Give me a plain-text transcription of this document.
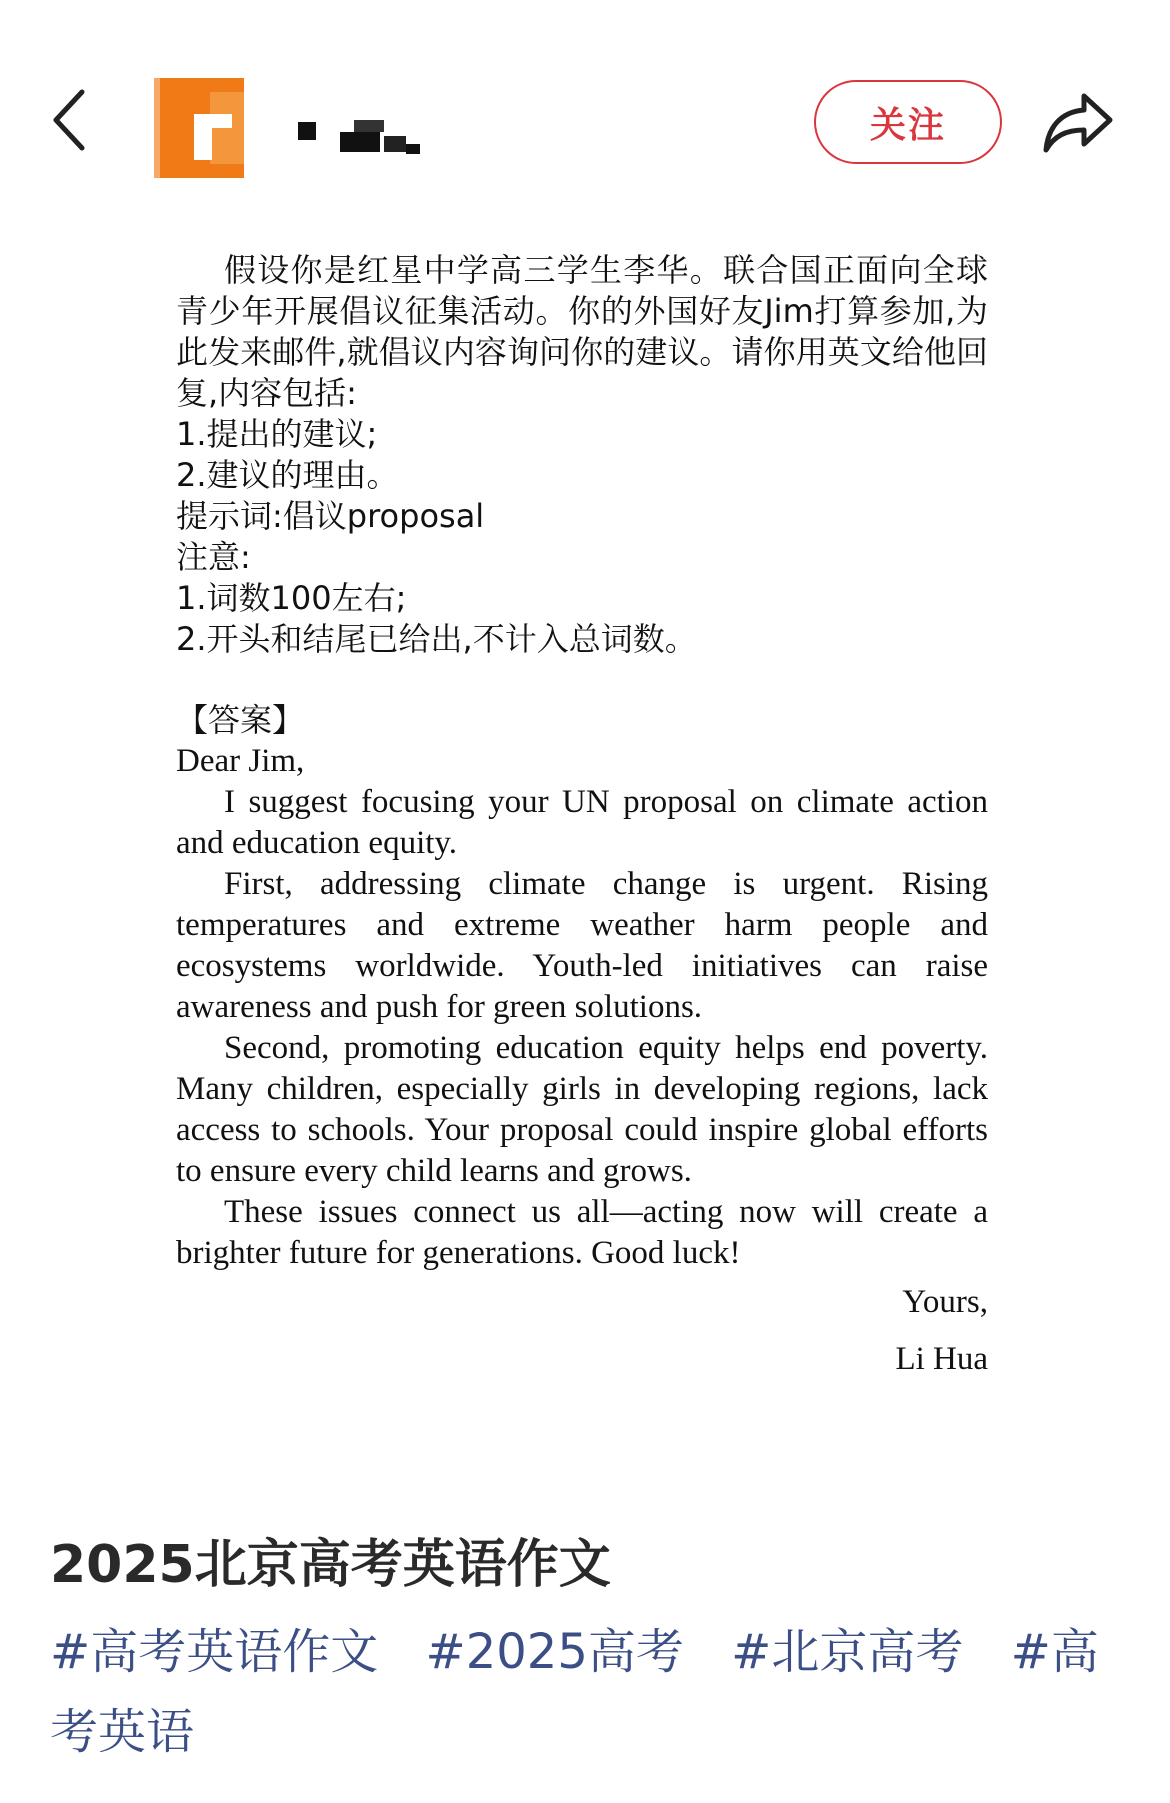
关注

假设你是红星中学高三学生李华。联合国正面向全球青少年开展倡议征集活动。你的外国好友Jim打算参加,为此发来邮件,就倡议内容询问你的建议。请你用英文给他回复,内容包括:

1.提出的建议;

2.建议的理由。

提示词:倡议proposal

注意:

1.词数100左右;

2.开头和结尾已给出,不计入总词数。

【答案】

Dear Jim,

I suggest focusing your UN proposal on climate action and education equity.

First, addressing climate change is urgent. Rising temperatures and extreme weather harm people and ecosystems worldwide. Youth-led initiatives can raise awareness and push for green solutions.

Second, promoting education equity helps end poverty. Many children, especially girls in developing regions, lack access to schools. Your proposal could inspire global efforts to ensure every child learns and grows.

These issues connect us all—acting now will create a brighter future for generations. Good luck!

Yours,

Li Hua

2025北京高考英语作文
#高考英语作文 #2025高考 #北京高考 #高考英语
